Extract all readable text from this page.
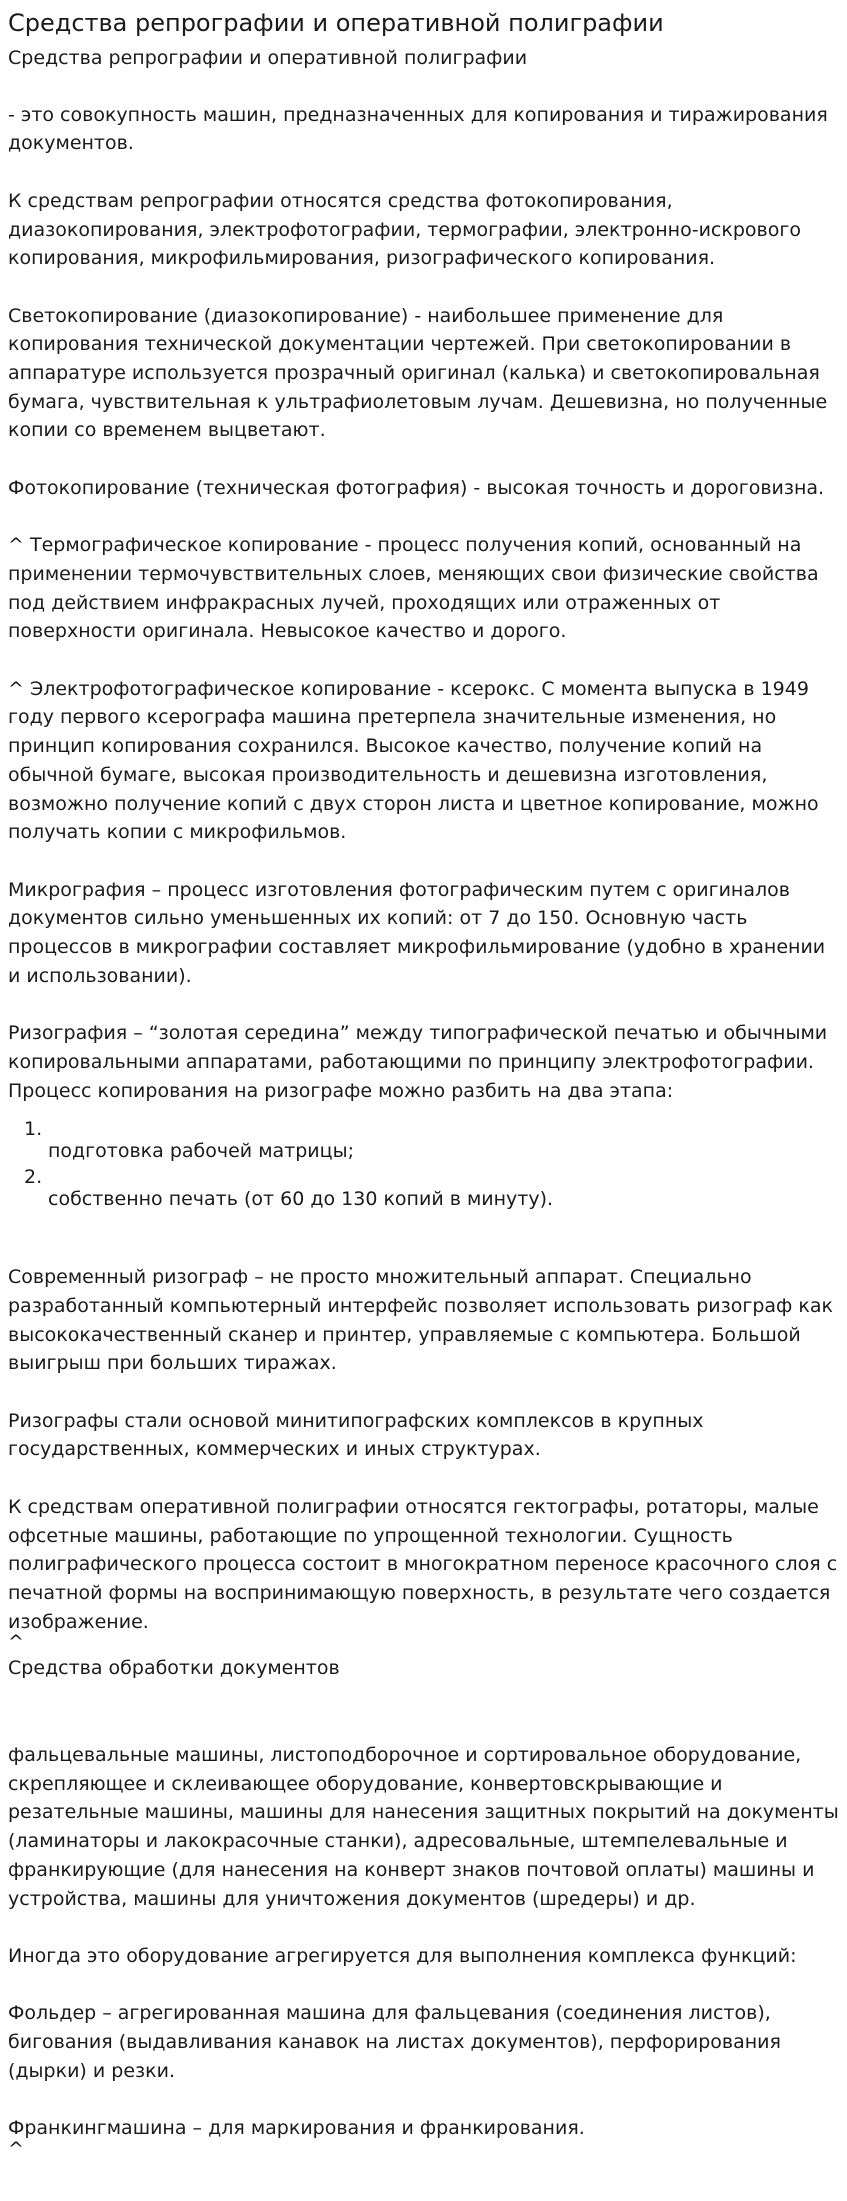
Средства репрографии и оперативной полиграфии

Средства репрографии и оперативной полиграфии

- это совокупность машин, предназначенных для копирования и тиражирования документов.

К средствам репрографии относятся средства фотокопирования, диазокопирования, электрофотографии, термографии, электронно-искрового копирования, микрофильмирования, ризографического копирования.

Светокопирование (диазокопирование) - наибольшее применение для копирования технической документации чертежей. При светокопировании в аппаратуре используется прозрачный оригинал (калька) и светокопировальная бумага, чувствительная к ультрафиолетовым лучам. Дешевизна, но полученные копии со временем выцветают.

Фотокопирование (техническая фотография) - высокая точность и дороговизна.

^ Термографическое копирование - процесс получения копий, основанный на применении термочувствительных слоев, меняющих свои физические свойства под действием инфракрасных лучей, проходящих или отраженных от поверхности оригинала. Невысокое качество и дорого.

^ Электрофотографическое копирование - ксерокс. С момента выпуска в 1949 году первого ксерографа машина претерпела значительные изменения, но принцип копирования сохранился. Высокое качество, получение копий на обычной бумаге, высокая производительность и дешевизна изготовления, возможно получение копий с двух сторон листа и цветное копирование, можно получать копии с микрофильмов.

Микрография – процесс изготовления фотографическим путем с оригиналов документов сильно уменьшенных их копий: от 7 до 150. Основную часть процессов в микрографии составляет микрофильмирование (удобно в хранении и использовании).

Ризография – “золотая середина” между типографической печатью и обычными копировальными аппаратами, работающими по принципу электрофотографии. Процесс копирования на ризографе можно разбить на два этапа:

1.
подготовка рабочей матрицы;
2.
собственно печать (от 60 до 130 копий в минуту).

Современный ризограф – не просто множительный аппарат. Специально разработанный компьютерный интерфейс позволяет использовать ризограф как высококачественный сканер и принтер, управляемые с компьютера. Большой выигрыш при больших тиражах.

Ризографы стали основой минитипографских комплексов в крупных государственных, коммерческих и иных структурах.

К средствам оперативной полиграфии относятся гектографы, ротаторы, малые офсетные машины, работающие по упрощенной технологии. Сущность полиграфического процесса состоит в многократном переносе красочного слоя с печатной формы на воспринимающую поверхность, в результате чего создается изображение.

^

Средства обработки документов

фальцевальные машины, листоподборочное и сортировальное оборудование, скрепляющее и склеивающее оборудование, конвертовскрывающие и резательные машины, машины для нанесения защитных покрытий на документы (ламинаторы и лакокрасочные станки), адресовальные, штемпелевальные и франкирующие (для нанесения на конверт знаков почтовой оплаты) машины и устройства, машины для уничтожения документов (шредеры) и др.

Иногда это оборудование агрегируется для выполнения комплекса функций:

Фольдер – агрегированная машина для фальцевания (соединения листов), бигования (выдавливания канавок на листах документов), перфорирования (дырки) и резки.

Франкингмашина – для маркирования и франкирования.

^
